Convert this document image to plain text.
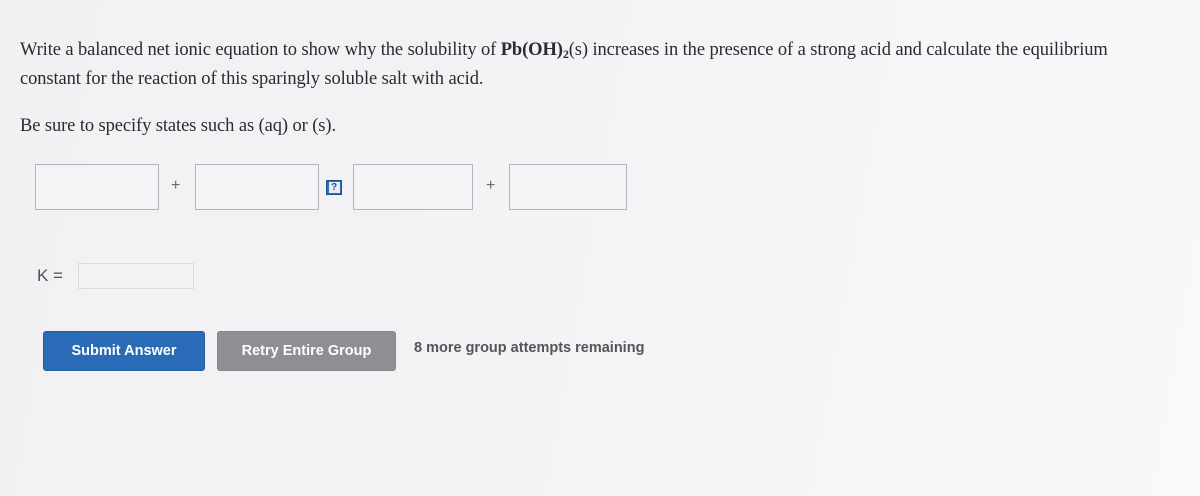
Write a balanced net ionic equation to show why the solubility of $Pb(OH)_2(s)$ increases in the presence of a strong acid and calculate the equilibrium
constant for the reaction of this sparingly soluble salt with acid.
Be sure to specify states such as (aq) or (s).
+	?	+
K =
Submit Answer	Retry Entire Group	8 more group attempts remaining
